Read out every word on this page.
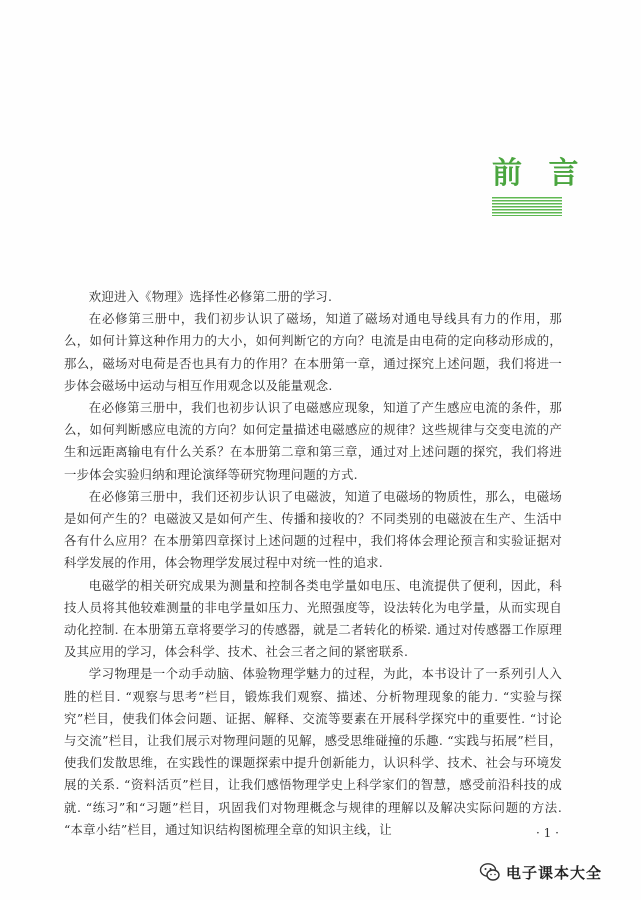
前 言

欢迎进入《物理》选择性必修第二册的学习.

在必修第三册中，我们初步认识了磁场，知道了磁场对通电导线具有力的作用，那么，如何计算这种作用力的大小，如何判断它的方向？电流是由电荷的定向移动形成的，那么，磁场对电荷是否也具有力的作用？在本册第一章，通过探究上述问题，我们将进一步体会磁场中运动与相互作用观念以及能量观念.

在必修第三册中，我们也初步认识了电磁感应现象，知道了产生感应电流的条件，那么，如何判断感应电流的方向？如何定量描述电磁感应的规律？这些规律与交变电流的产生和远距离输电有什么关系？在本册第二章和第三章，通过对上述问题的探究，我们将进一步体会实验归纳和理论演绎等研究物理问题的方式.

在必修第三册中，我们还初步认识了电磁波，知道了电磁场的物质性，那么，电磁场是如何产生的？电磁波又是如何产生、传播和接收的？不同类别的电磁波在生产、生活中各有什么应用？在本册第四章探讨上述问题的过程中，我们将体会理论预言和实验证据对科学发展的作用，体会物理学发展过程中对统一性的追求.

电磁学的相关研究成果为测量和控制各类电学量如电压、电流提供了便利，因此，科技人员将其他较难测量的非电学量如压力、光照强度等，设法转化为电学量，从而实现自动化控制. 在本册第五章将要学习的传感器，就是二者转化的桥梁. 通过对传感器工作原理及其应用的学习，体会科学、技术、社会三者之间的紧密联系.

学习物理是一个动手动脑、体验物理学魅力的过程，为此，本书设计了一系列引人入胜的栏目. “观察与思考”栏目，锻炼我们观察、描述、分析物理现象的能力. “实验与探究”栏目，使我们体会问题、证据、解释、交流等要素在开展科学探究中的重要性. “讨论与交流”栏目，让我们展示对物理问题的见解，感受思维碰撞的乐趣. “实践与拓展”栏目，使我们发散思维，在实践性的课题探索中提升创新能力，认识科学、技术、社会与环境发展的关系. “资料活页”栏目，让我们感悟物理学史上科学家们的智慧，感受前沿科技的成就. “练习”和“习题”栏目，巩固我们对物理概念与规律的理解以及解决实际问题的方法. “本章小结”栏目，通过知识结构图梳理全章的知识主线，让	· 1 ·
电子课本大全
